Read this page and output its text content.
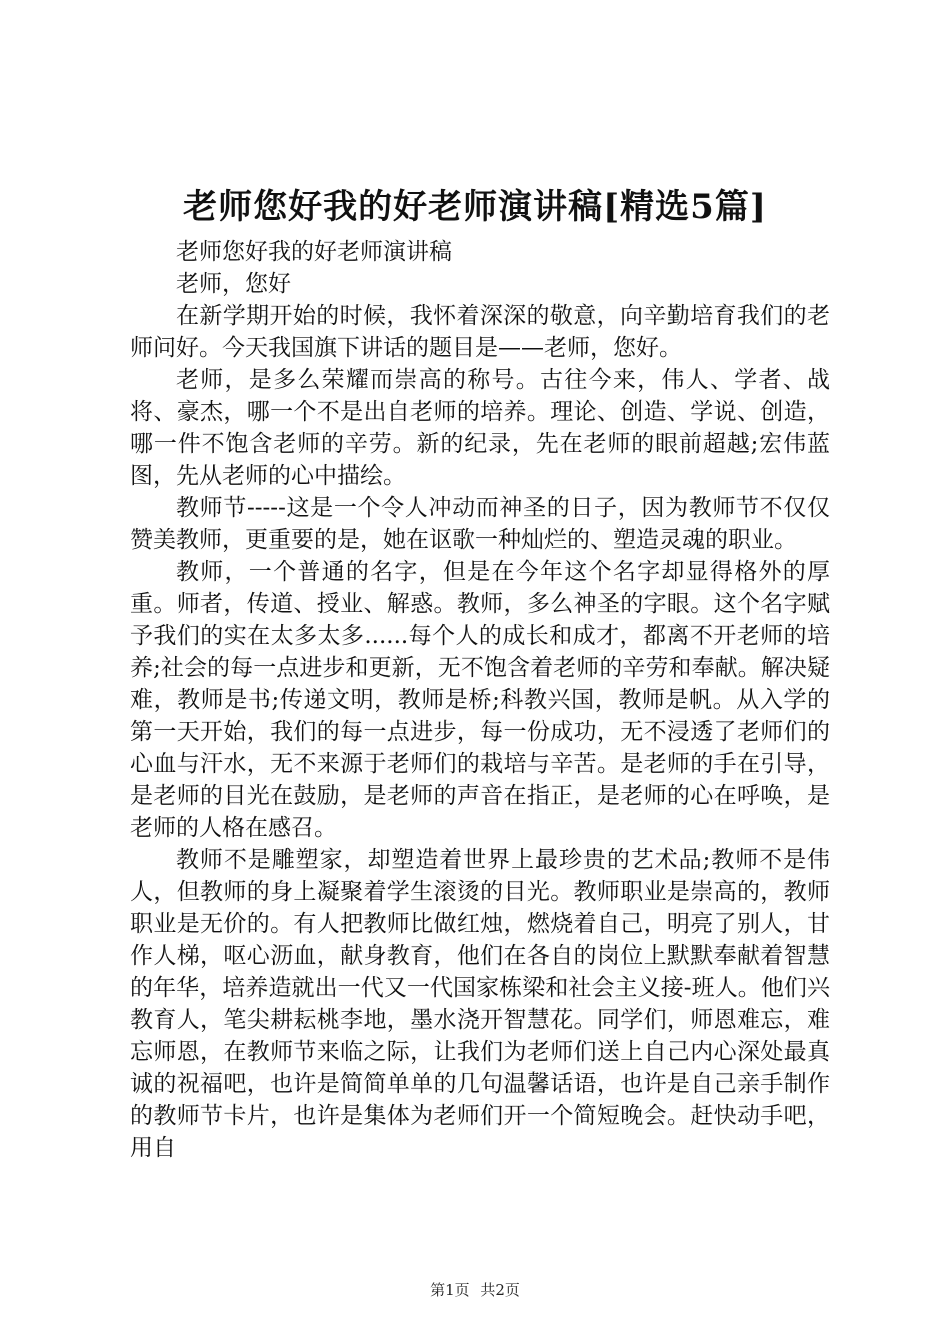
老师您好我的好老师演讲稿[精选5篇]

老师您好我的好老师演讲稿

老师，您好

在新学期开始的时候，我怀着深深的敬意，向辛勤培育我们的老师问好。今天我国旗下讲话的题目是——老师，您好。

老师，是多么荣耀而崇高的称号。古往今来，伟人、学者、战将、豪杰，哪一个不是出自老师的培养。理论、创造、学说、创造，哪一件不饱含老师的辛劳。新的纪录，先在老师的眼前超越;宏伟蓝图，先从老师的心中描绘。

教师节-----这是一个令人冲动而神圣的日子，因为教师节不仅仅赞美教师，更重要的是，她在讴歌一种灿烂的、塑造灵魂的职业。

教师，一个普通的名字，但是在今年这个名字却显得格外的厚重。师者，传道、授业、解惑。教师，多么神圣的字眼。这个名字赋予我们的实在太多太多......每个人的成长和成才，都离不开老师的培养;社会的每一点进步和更新，无不饱含着老师的辛劳和奉献。解决疑难，教师是书;传递文明，教师是桥;科教兴国，教师是帆。从入学的第一天开始，我们的每一点进步，每一份成功，无不浸透了老师们的心血与汗水，无不来源于老师们的栽培与辛苦。是老师的手在引导，是老师的目光在鼓励，是老师的声音在指正，是老师的心在呼唤，是老师的人格在感召。

教师不是雕塑家，却塑造着世界上最珍贵的艺术品;教师不是伟人，但教师的身上凝聚着学生滚烫的目光。教师职业是崇高的，教师职业是无价的。有人把教师比做红烛，燃烧着自己，明亮了别人，甘作人梯，呕心沥血，献身教育，他们在各自的岗位上默默奉献着智慧的年华，培养造就出一代又一代国家栋梁和社会主义接-班人。他们兴教育人，笔尖耕耘桃李地，墨水浇开智慧花。同学们，师恩难忘，难忘师恩，在教师节来临之际，让我们为老师们送上自己内心深处最真诚的祝福吧，也许是简简单单的几句温馨话语，也许是自己亲手制作的教师节卡片，也许是集体为老师们开一个简短晚会。赶快动手吧，用自

第1页 共2页
